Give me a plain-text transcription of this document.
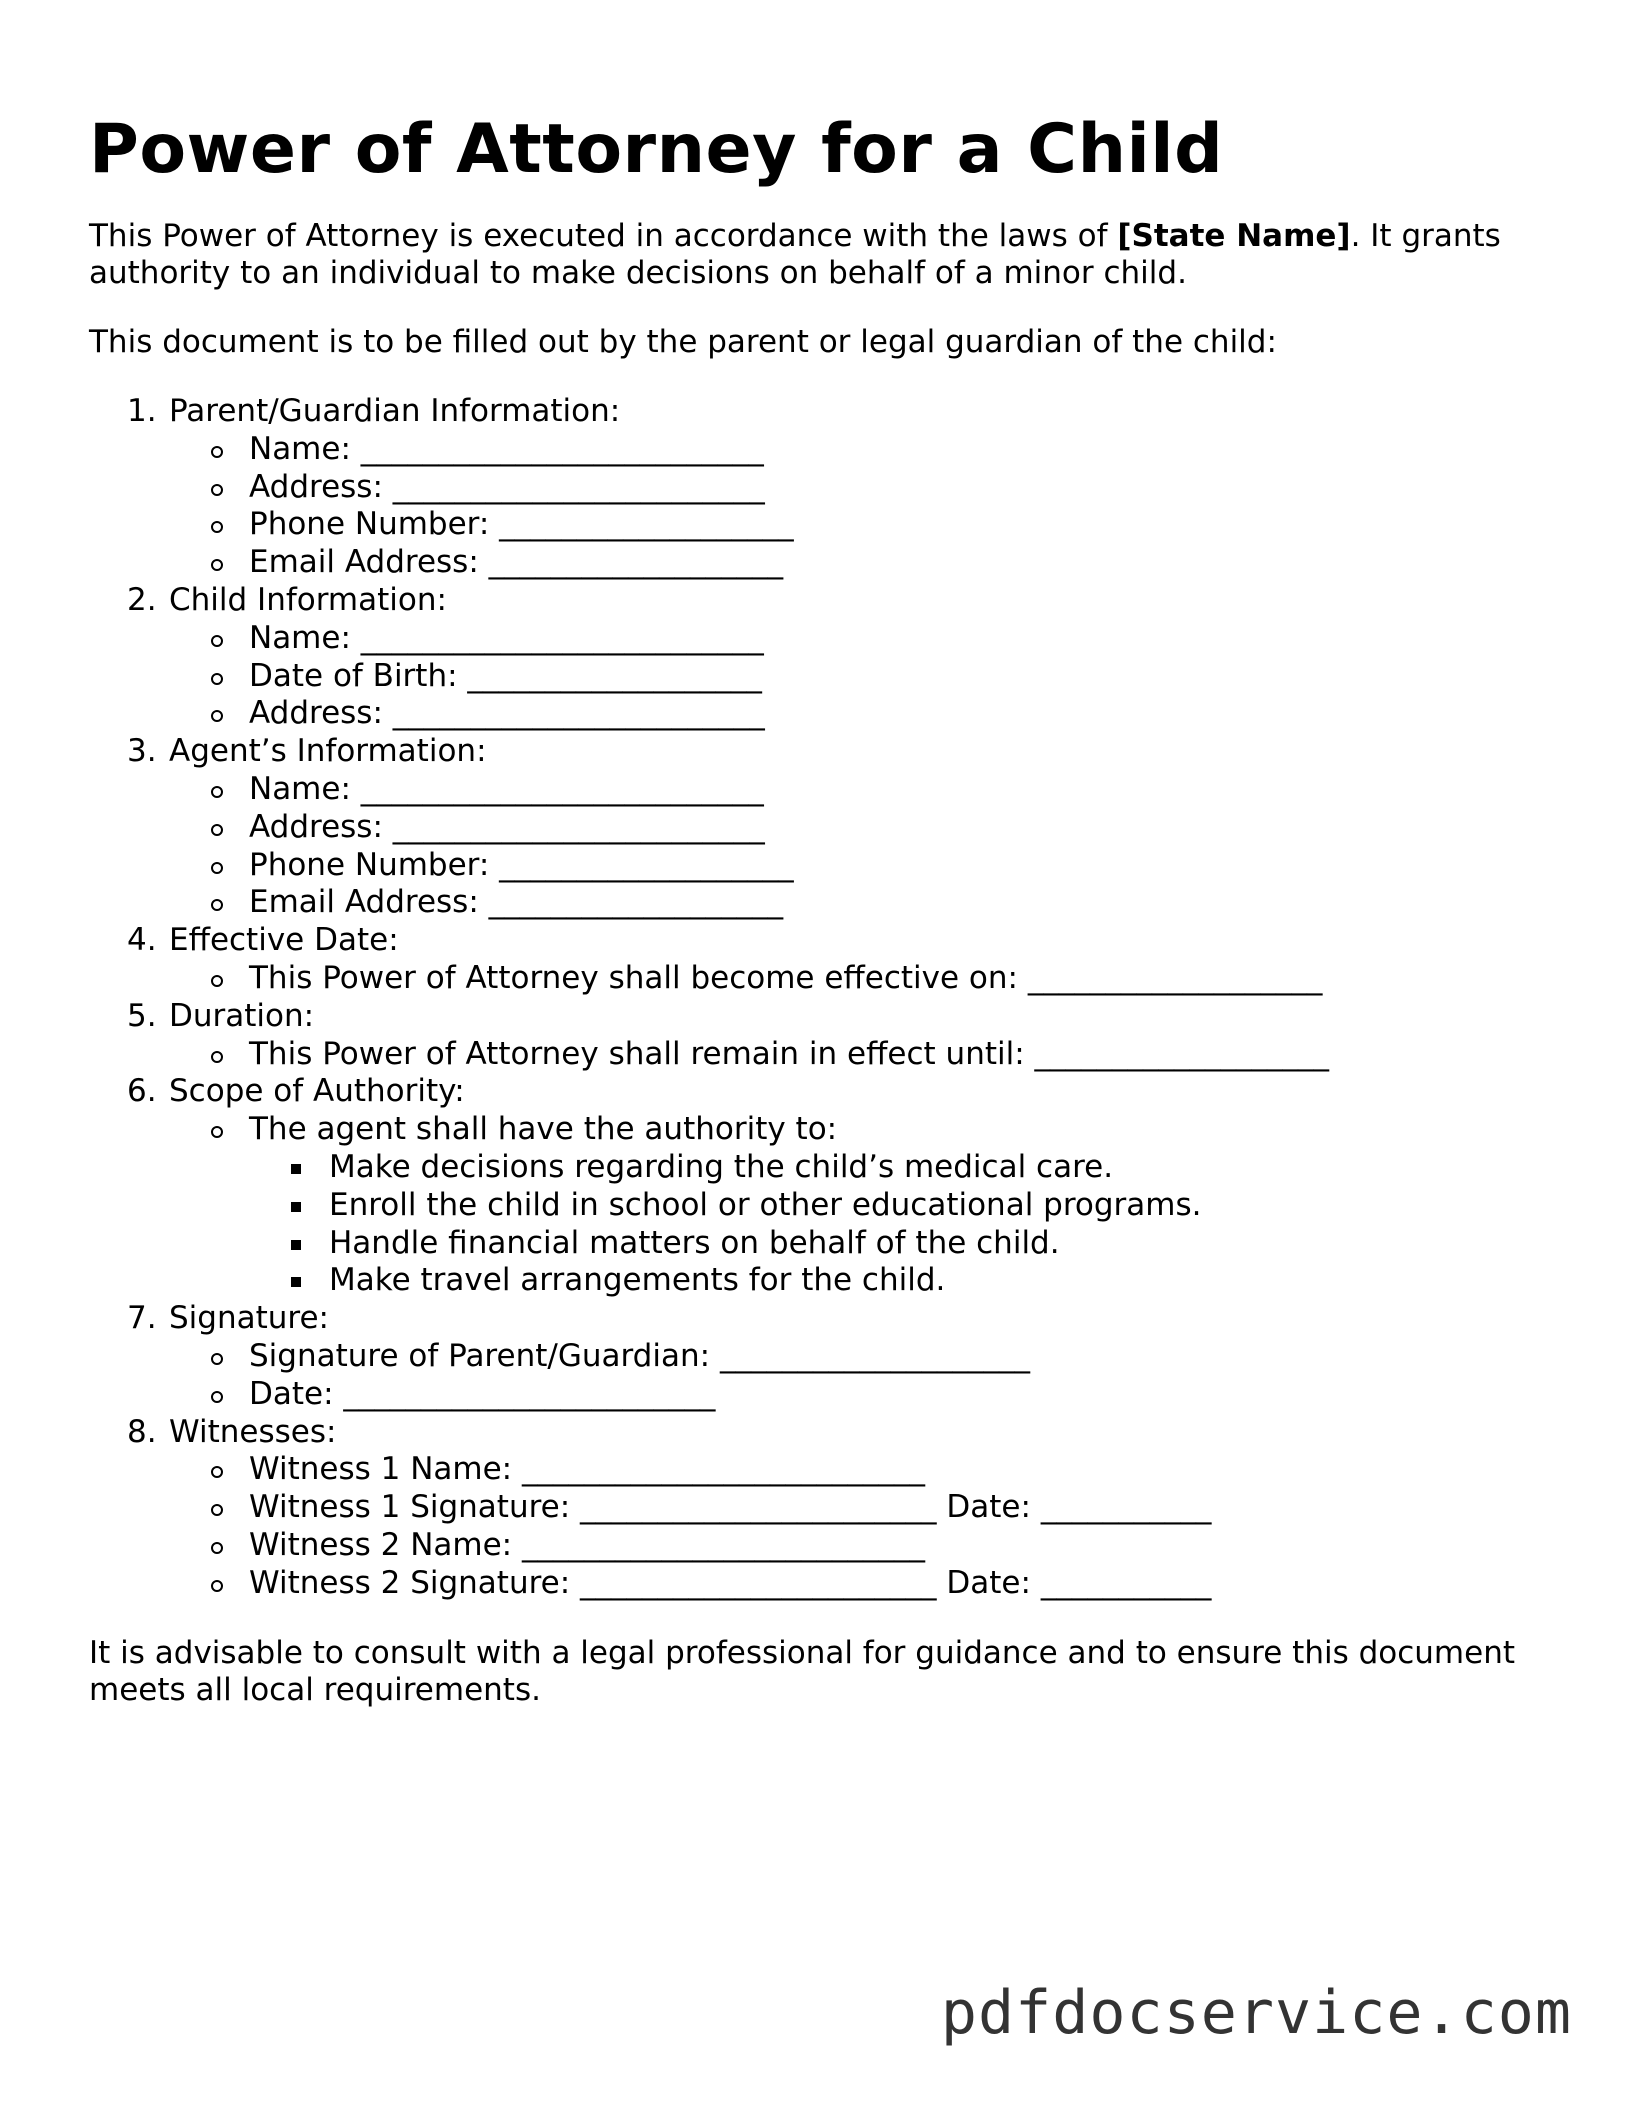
Power of Attorney for a Child

This Power of Attorney is executed in accordance with the laws of [State Name]. It grants authority to an individual to make decisions on behalf of a minor child.

This document is to be filled out by the parent or legal guardian of the child:

1. Parent/Guardian Information:
Name: __________________________
Address: ________________________
Phone Number: ___________________
Email Address: ___________________
2. Child Information:
Name: __________________________
Date of Birth: ___________________
Address: ________________________
3. Agent’s Information:
Name: __________________________
Address: ________________________
Phone Number: ___________________
Email Address: ___________________
4. Effective Date:
This Power of Attorney shall become effective on: ___________________
5. Duration:
This Power of Attorney shall remain in effect until: ___________________
6. Scope of Authority:
The agent shall have the authority to:
Make decisions regarding the child’s medical care.
Enroll the child in school or other educational programs.
Handle financial matters on behalf of the child.
Make travel arrangements for the child.
7. Signature:
Signature of Parent/Guardian: ____________________
Date: ________________________
8. Witnesses:
Witness 1 Name: __________________________
Witness 1 Signature: _______________________ Date: ___________
Witness 2 Name: __________________________
Witness 2 Signature: _______________________ Date: ___________

It is advisable to consult with a legal professional for guidance and to ensure this document meets all local requirements.

pdfdocservice.com
